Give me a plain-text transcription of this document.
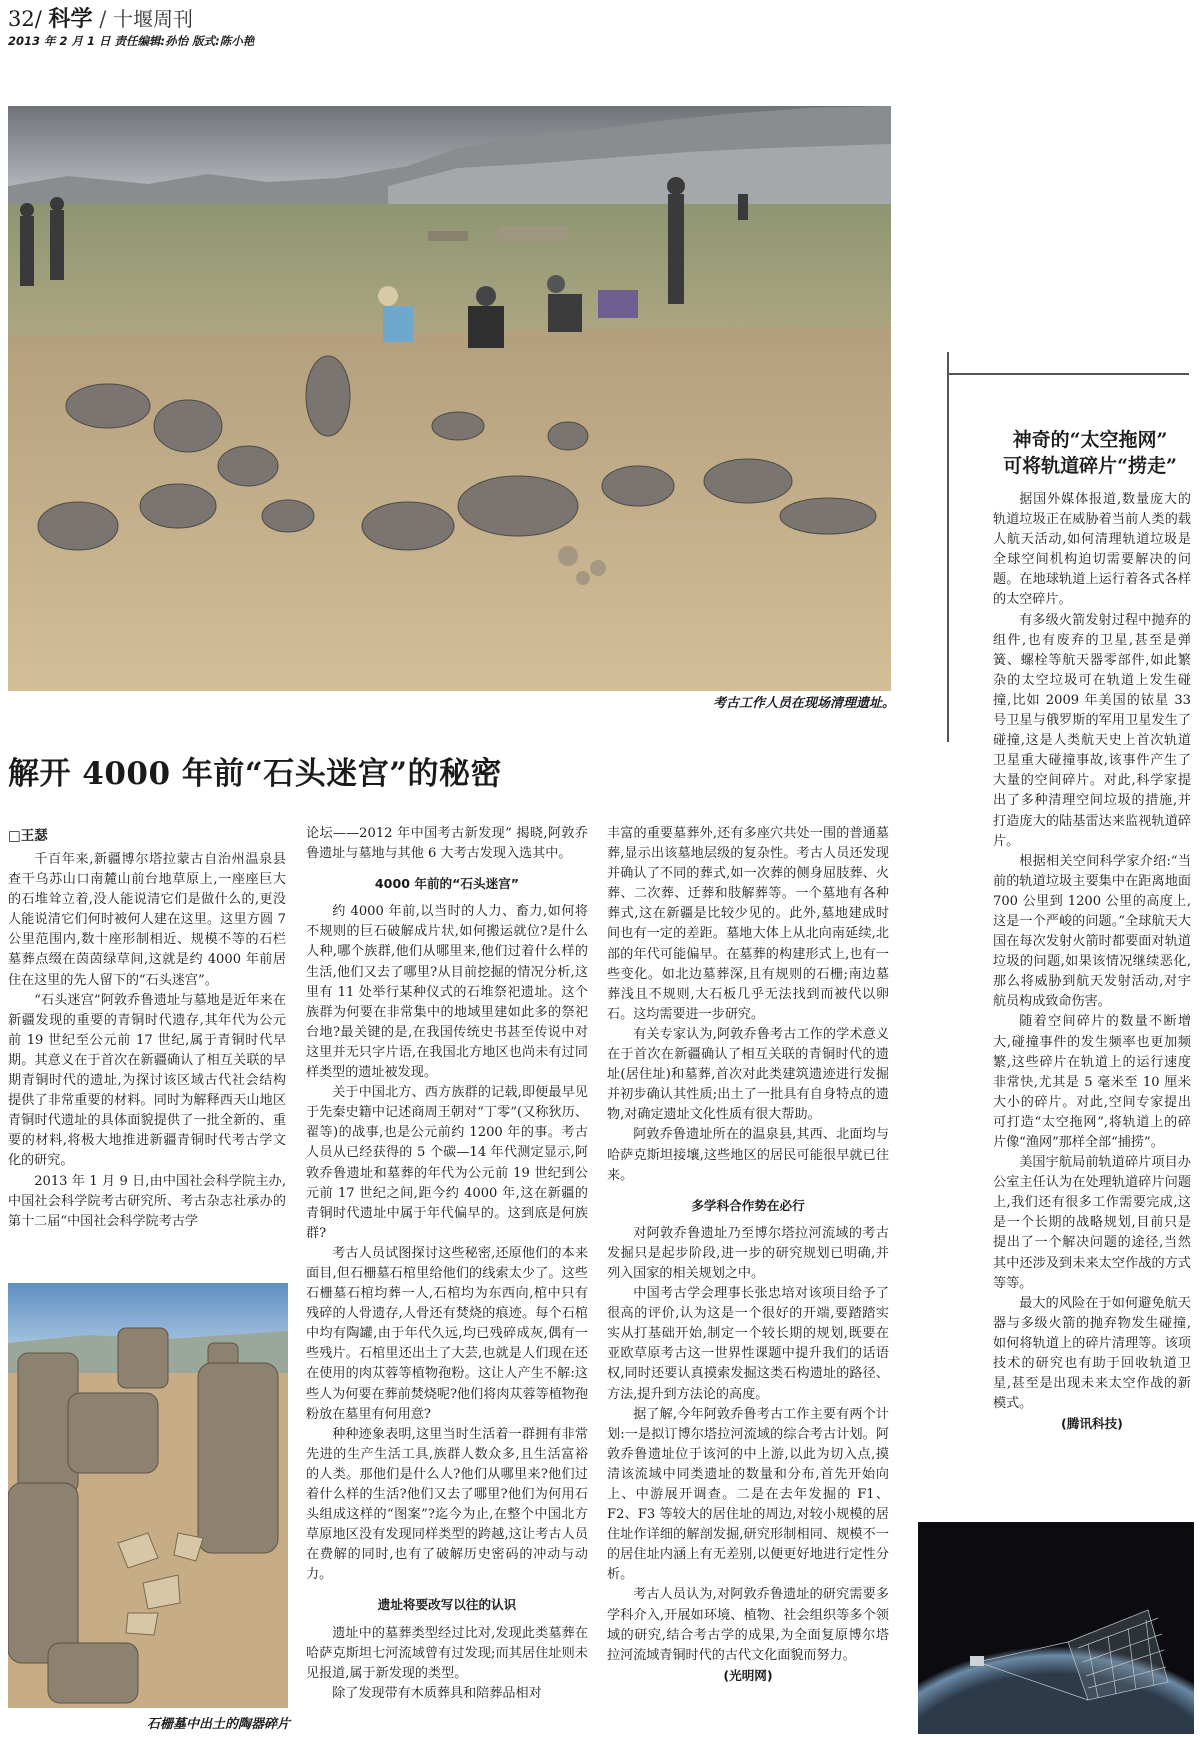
32/ 科学 / 十堰周刊
2013 年 2 月 1 日 责任编辑:孙怡 版式:陈小艳
考古工作人员在现场清理遗址。
解开 4000 年前“石头迷宫”的秘密
□王瑟

千百年来,新疆博尔塔拉蒙古自治州温泉县查干乌苏山口南麓山前台地草原上,一座座巨大的石堆耸立着,没人能说清它们是做什么的,更没人能说清它们何时被何人建在这里。这里方圆 7 公里范围内,数十座形制相近、规模不等的石栏墓葬点缀在茵茵绿草间,这就是约 4000 年前居住在这里的先人留下的“石头迷宫”。

“石头迷宫”阿敦乔鲁遗址与墓地是近年来在新疆发现的重要的青铜时代遗存,其年代为公元前 19 世纪至公元前 17 世纪,属于青铜时代早期。其意义在于首次在新疆确认了相互关联的早期青铜时代的遗址,为探讨该区域古代社会结构提供了非常重要的材料。同时为解释西天山地区青铜时代遗址的具体面貌提供了一批全新的、重要的材料,将极大地推进新疆青铜时代考古学文化的研究。

2013 年 1 月 9 日,由中国社会科学院主办,中国社会科学院考古研究所、考古杂志社承办的第十二届“中国社会科学院考古学

石栅墓中出土的陶器碎片

论坛——2012 年中国考古新发现” 揭晓,阿敦乔鲁遗址与墓地与其他 6 大考古发现入选其中。

4000 年前的“石头迷宫”

约 4000 年前,以当时的人力、畜力,如何将不规则的巨石破解成片状,如何搬运就位?是什么人种,哪个族群,他们从哪里来,他们过着什么样的生活,他们又去了哪里?从目前挖掘的情况分析,这里有 11 处举行某种仪式的石堆祭祀遗址。这个族群为何要在非常集中的地域里建如此多的祭祀台地?最关键的是,在我国传统史书甚至传说中对这里并无只字片语,在我国北方地区也尚未有过同样类型的遗址被发现。

关于中国北方、西方族群的记载,即便最早见于先秦史籍中记述商周王朝对“丁零”(又称狄历、翟等)的战事,也是公元前约 1200 年的事。考古人员从已经获得的 5 个碳—14 年代测定显示,阿敦乔鲁遗址和墓葬的年代为公元前 19 世纪到公元前 17 世纪之间,距今约 4000 年,这在新疆的青铜时代遗址中属于年代偏早的。这到底是何族群?

考古人员试图探讨这些秘密,还原他们的本来面目,但石栅墓石棺里给他们的线索太少了。这些石栅墓石棺均葬一人,石棺均为东西向,棺中只有残碎的人骨遗存,人骨还有焚烧的痕迹。每个石棺中均有陶罐,由于年代久远,均已残碎成灰,偶有一些残片。石棺里还出土了大芸,也就是人们现在还在使用的肉苁蓉等植物孢粉。这让人产生不解:这些人为何要在葬前焚烧呢?他们将肉苁蓉等植物孢粉放在墓里有何用意?

种种迹象表明,这里当时生活着一群拥有非常先进的生产生活工具,族群人数众多,且生活富裕的人类。那他们是什么人?他们从哪里来?他们过着什么样的生活?他们又去了哪里?他们为何用石头组成这样的“图案”?迄今为止,在整个中国北方草原地区没有发现同样类型的跨越,这让考古人员在费解的同时,也有了破解历史密码的冲动与动力。

遗址将要改写以往的认识

遗址中的墓葬类型经过比对,发现此类墓葬在哈萨克斯坦七河流域曾有过发现;而其居住址则未见报道,属于新发现的类型。

除了发现带有木质葬具和陪葬品相对

丰富的重要墓葬外,还有多座穴共处一围的普通墓葬,显示出该墓地层级的复杂性。考古人员还发现并确认了不同的葬式,如一次葬的侧身屈肢葬、火葬、二次葬、迁葬和肢解葬等。一个墓地有各种葬式,这在新疆是比较少见的。此外,墓地建成时间也有一定的差距。墓地大体上从北向南延续,北部的年代可能偏早。在墓葬的构建形式上,也有一些变化。如北边墓葬深,且有规则的石栅;南边墓葬浅且不规则,大石板几乎无法找到而被代以卵石。这均需要进一步研究。

有关专家认为,阿敦乔鲁考古工作的学术意义在于首次在新疆确认了相互关联的青铜时代的遗址(居住址)和墓葬,首次对此类建筑遗迹进行发掘并初步确认其性质;出土了一批具有自身特点的遗物,对确定遗址文化性质有很大帮助。

阿敦乔鲁遗址所在的温泉县,其西、北面均与哈萨克斯坦接壤,这些地区的居民可能很早就已往来。

多学科合作势在必行

对阿敦乔鲁遗址乃至博尔塔拉河流域的考古发掘只是起步阶段,进一步的研究规划已明确,并列入国家的相关规划之中。

中国考古学会理事长张忠培对该项目给予了很高的评价,认为这是一个很好的开端,要踏踏实实从打基础开始,制定一个较长期的规划,既要在亚欧草原考古这一世界性课题中提升我们的话语权,同时还要认真摸索发掘这类石构遗址的路径、方法,提升到方法论的高度。

据了解,今年阿敦乔鲁考古工作主要有两个计划:一是拟订博尔塔拉河流域的综合考古计划。阿敦乔鲁遗址位于该河的中上游,以此为切入点,摸清该流域中同类遗址的数量和分布,首先开始向上、中游展开调查。二是在去年发掘的 F1、F2、F3 等较大的居住址的周边,对较小规模的居住址作详细的解剖发掘,研究形制相同、规模不一的居住址内涵上有无差别,以便更好地进行定性分析。

考古人员认为,对阿敦乔鲁遗址的研究需要多学科介入,开展如环境、植物、社会组织等多个领域的研究,结合考古学的成果,为全面复原博尔塔拉河流域青铜时代的古代文化面貌而努力。

(光明网)

神奇的“太空拖网”
可将轨道碎片“捞走”

据国外媒体报道,数量庞大的轨道垃圾正在威胁着当前人类的载人航天活动,如何清理轨道垃圾是全球空间机构迫切需要解决的问题。在地球轨道上运行着各式各样的太空碎片。

有多级火箭发射过程中抛弃的组件,也有废弃的卫星,甚至是弹簧、螺栓等航天器零部件,如此繁杂的太空垃圾可在轨道上发生碰撞,比如 2009 年美国的铱星 33 号卫星与俄罗斯的军用卫星发生了碰撞,这是人类航天史上首次轨道卫星重大碰撞事故,该事件产生了大量的空间碎片。对此,科学家提出了多种清理空间垃圾的措施,并打造庞大的陆基雷达来监视轨道碎片。

根据相关空间科学家介绍:“当前的轨道垃圾主要集中在距离地面 700 公里到 1200 公里的高度上,这是一个严峻的问题。”全球航天大国在每次发射火箭时都要面对轨道垃圾的问题,如果该情况继续恶化,那么将威胁到航天发射活动,对宇航员构成致命伤害。

随着空间碎片的数量不断增大,碰撞事件的发生频率也更加频繁,这些碎片在轨道上的运行速度非常快,尤其是 5 毫米至 10 厘米大小的碎片。对此,空间专家提出可打造“太空拖网”,将轨道上的碎片像“渔网”那样全部“捕捞”。

美国宇航局前轨道碎片项目办公室主任认为在处理轨道碎片问题上,我们还有很多工作需要完成,这是一个长期的战略规划,目前只是提出了一个解决问题的途径,当然其中还涉及到未来太空作战的方式等等。

最大的风险在于如何避免航天器与多级火箭的抛弃物发生碰撞,如何将轨道上的碎片清理等。该项技术的研究也有助于回收轨道卫星,甚至是出现未来太空作战的新模式。

(腾讯科技)
